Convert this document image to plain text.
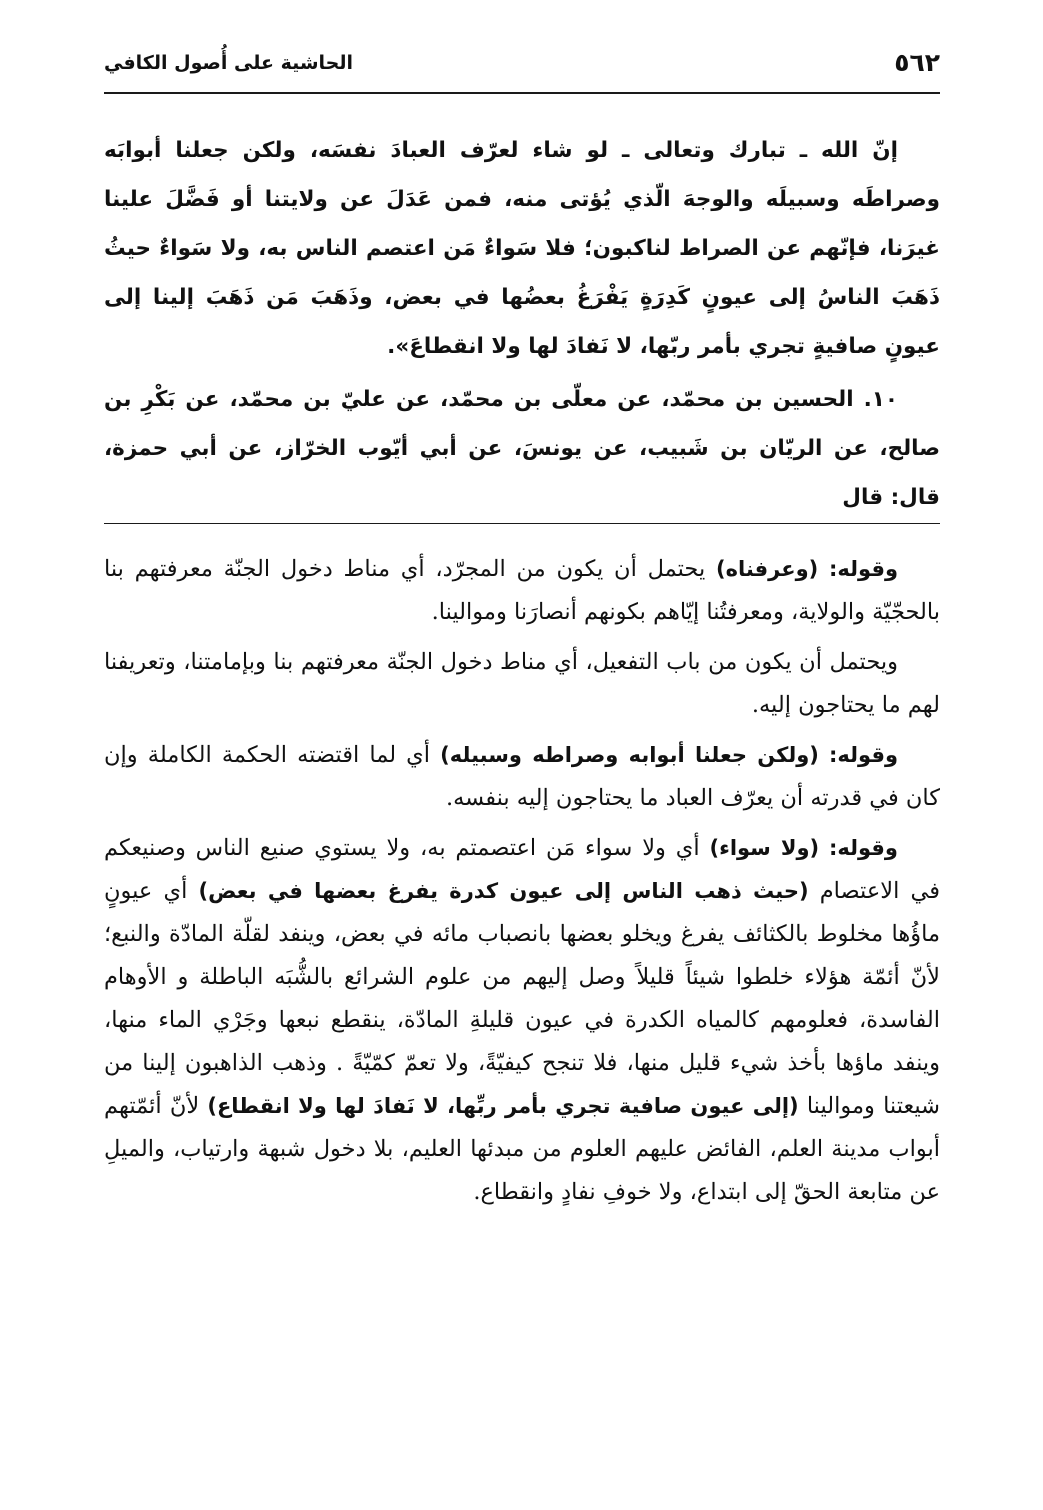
٥٦٢
الحاشية على أُصول الكافي

إنّ الله ـ تبارك وتعالى ـ لو شاء لعرّف العبادَ نفسَه، ولكن جعلنا أبوابَه وصراطَه وسبيلَه والوجهَ الّذي يُؤتى منه، فمن عَدَلَ عن ولايتنا أو فَضَّلَ علينا غيرَنا، فإنّهم عن الصراط لناكبون؛ فلا سَواءٌ مَن اعتصم الناس به، ولا سَواءٌ حيثُ ذَهَبَ الناسُ إلى عيونٍ كَدِرَةٍ يَفْرَغُ بعضُها في بعض، وذَهَبَ مَن ذَهَبَ إلينا إلى عيونٍ صافيةٍ تجري بأمر ربّها، لا نَفادَ لها ولا انقطاعَ».

١٠. الحسين بن محمّد، عن معلّى بن محمّد، عن عليّ بن محمّد، عن بَكْرِ بن صالح، عن الريّان بن شَبيب، عن يونسَ، عن أبي أيّوب الخرّاز، عن أبي حمزة، قال: قال

وقوله: (وعرفناه) يحتمل أن يكون من المجرّد، أي مناط دخول الجنّة معرفتهم بنا بالحجّيّة والولاية، ومعرفتُنا إيّاهم بكونهم أنصارَنا وموالينا.

ويحتمل أن يكون من باب التفعيل، أي مناط دخول الجنّة معرفتهم بنا وبإمامتنا، وتعريفنا لهم ما يحتاجون إليه.

وقوله: (ولكن جعلنا أبوابه وصراطه وسبيله) أي لما اقتضته الحكمة الكاملة وإن كان في قدرته أن يعرّف العباد ما يحتاجون إليه بنفسه.

وقوله: (ولا سواء) أي ولا سواء مَن اعتصمتم به، ولا يستوي صنيع الناس وصنيعكم في الاعتصام (حيث ذهب الناس إلى عيون كدرة يفرغ بعضها في بعض) أي عيونٍ ماؤُها مخلوط بالكثائف يفرغ ويخلو بعضها بانصباب مائه في بعض، وينفد لقلّة المادّة والنبع؛ لأنّ أئمّة هؤلاء خلطوا شيئاً قليلاً وصل إليهم من علوم الشرائع بالشُّبَه الباطلة و الأوهام الفاسدة، فعلومهم كالمياه الكدرة في عيون قليلةِ المادّة، ينقطع نبعها وجَرْي الماء منها، وينفد ماؤها بأخذ شيء قليل منها، فلا تنجح كيفيّةً، ولا تعمّ كمّيّةً . وذهب الذاهبون إلينا من شيعتنا وموالينا (إلى عيون صافية تجري بأمر ربِّها، لا نَفادَ لها ولا انقطاع) لأنّ أئمّتهم أبواب مدينة العلم، الفائض عليهم العلوم من مبدئها العليم، بلا دخول شبهة وارتياب، والميلِ عن متابعة الحقّ إلى ابتداع، ولا خوفِ نفادٍ وانقطاع.
